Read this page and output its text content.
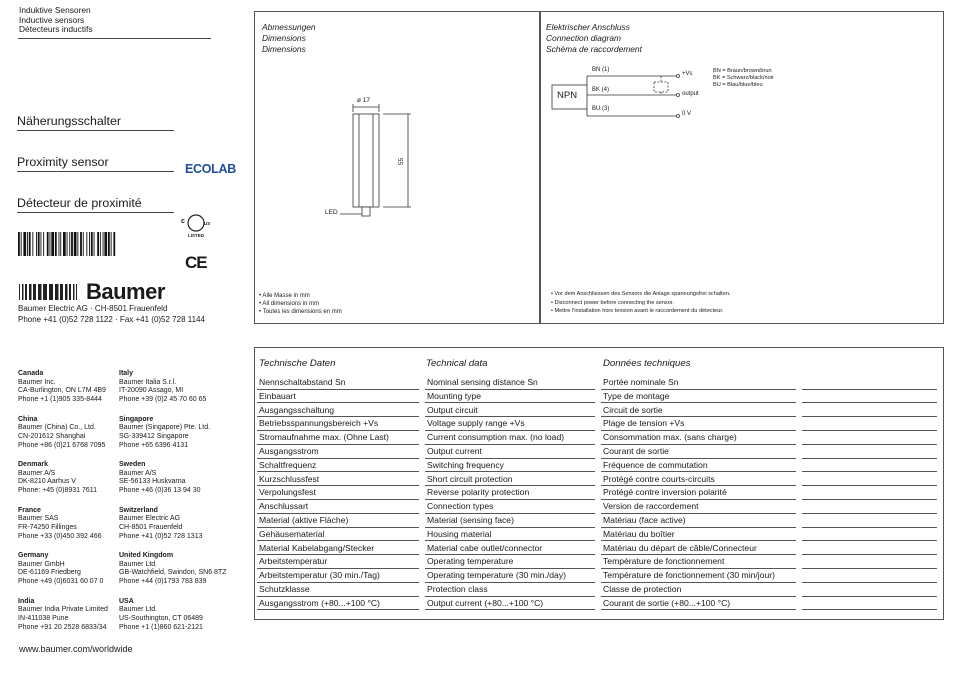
Induktive Sensoren
Inductive sensors
Détecteurs inductifs
Näherungsschalter
Proximity sensor
Détecteur de proximité
ECOLAB
c	US
LISTED
CE
Baumer
Baumer Electric AG · CH-8501 Frauenfeld
Phone +41 (0)52 728 1122 · Fax +41 (0)52 728 1144
Canada
Baumer Inc.
CA-Burlington, ON L7M 4B9
Phone +1 (1)905 335-8444
China
Baumer (China) Co., Ltd.
CN-201612 Shanghai
Phone +86 (0)21 6768 7095
Denmark
Baumer A/S
DK-8210 Aarhus V
Phone: +45 (0)8931 7611
France
Baumer SAS
FR-74250 Fillinges
Phone +33 (0)450 392 466
Germany
Baumer GmbH
DE-61169 Friedberg
Phone +49 (0)6031 60 07 0
India
Baumer India Private Limited
IN-411038 Pune
Phone +91 20 2528 6833/34
Italy
Baumer Italia S.r.l.
IT-20090 Assago, MI
Phone +39 (0)2 45 70 60 65
Singapore
Baumer (Singapore) Pte. Ltd.
SG-339412 Singapore
Phone +65 6396 4131
Sweden
Baumer A/S
SE-56133 Huskvarna
Phone +46 (0)36 13 94 30
Switzerland
Baumer Electric AG
CH-8501 Frauenfeld
Phone +41 (0)52 728 1313
United Kingdom
Baumer Ltd.
GB-Watchfield, Swindon, SN6 8TZ
Phone +44 (0)1793 783 839
USA
Baumer Ltd.
US-Southington, CT 06489
Phone +1 (1)860 621-2121
www.baumer.com/worldwide
Abmessungen
Dimensions
Dimensions
ø 17
55
LED
• Alle Masse in mm
• All dimensions in mm
• Toutes les dimensions en mm
Elektrischer Anschluss
Connection diagram
Schéma de raccordement
NPN
BN (1)
BK (4)
BU (3)
+Vs
output
0 V
BN = Braun/brown/brun
BK = Schwarz/black/noir
BU = Blau/blue/bleu
• Vor dem Anschliessen des Sensors die Anlage spannungsfrei schalten.
• Disconnect power before connecting the sensor.
• Mettre l'installation hors tension avant le raccordement du détecteur.
Technische Daten	Technical data	Données techniques
Nennschaltabstand Sn	Nominal sensing distance Sn	Portée nominale Sn
Einbauart	Mounting type	Type de montage
Ausgangsschaltung	Output circuit	Circuit de sortie
Betriebsspannungsbereich +Vs	Voltage supply range +Vs	Plage de tension +Vs
Stromaufnahme max. (Ohne Last)	Current consumption max. (no load)	Consommation max. (sans charge)
Ausgangsstrom	Output current	Courant de sortie
Schaltfrequenz	Switching frequency	Fréquence de commutation
Kurzschlussfest	Short circuit protection	Protégé contre courts-circuits
Verpolungsfest	Reverse polarity protection	Protégé contre inversion polarité
Anschlussart	Connection types	Version de raccordement
Material (aktive Fläche)	Material (sensing face)	Matériau (face active)
Gehäusematerial	Housing material	Matériau du boîtier
Material Kabelabgang/Stecker	Material cabe outlet/connector	Matériau du départ de câble/Connecteur
Arbeitstemperatur	Operating temperature	Température de fonctionnement
Arbeitstemperatur (30 min./Tag)	Operating temperature (30 min./day)	Température de fonctionnement (30 min/jour)
Schutzklasse	Protection class	Classe de protection
Ausgangsstrom (+80...+100 °C)	Output current (+80...+100 °C)	Courant de sortie (+80...+100 °C)
